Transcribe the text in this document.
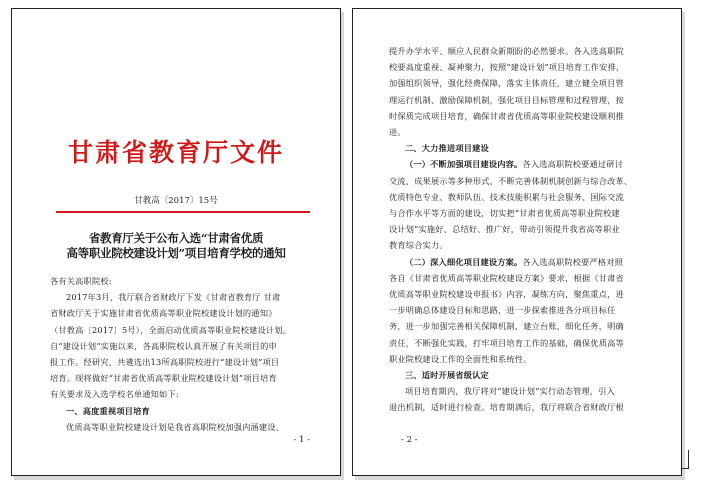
甘肃省教育厅文件
甘教高〔2017〕15号
省教育厅关于公布入选“甘肃省优质
高等职业院校建设计划”项目培育学校的通知
各有关高职院校:
2017年3月，我厅联合省财政厅下发《甘肃省教育厅 甘肃
省财政厅关于实施甘肃省优质高等职业院校建设计划的通知》
（甘教高〔2017〕5号），全面启动优质高等职业院校建设计划。
自“建设计划”实施以来，各高职院校认真开展了有关项目的申
报工作。经研究，共遴选出13所高职院校进行“建设计划”项目
培育。现将做好“甘肃省优质高等职业院校建设计划”项目培育
有关要求及入选学校名单通知如下:
一、高度重视项目培育
优质高等职业院校建设计划是我省高职院校加强内涵建设、
- 1 -
提升办学水平、顺应人民群众新期盼的必然要求。各入选高职院
校要高度重视、凝神聚力，按照“建设计划”项目培育工作安排，
加强组织领导，强化经费保障，落实主体责任，建立健全项目管
理运行机制、激励保障机制，强化项目目标管理和过程管理，按
时保质完成项目培育，确保甘肃省优质高等职业院校建设顺利推
进。
二、大力推进项目建设
（一）不断加强项目建设内容。各入选高职院校要通过研讨
交流、成果展示等多种形式，不断完善体制机制创新与综合改革、
优质特色专业、教师队伍、技术技能积累与社会服务、国际交流
与合作水平等方面的建设，切实把“甘肃省优质高等职业院校建
设计划”实施好、总结好、推广好，带动引领提升我省高等职业
教育综合实力。
（二）深入细化项目建设方案。各入选高职院校要严格对照
各自《甘肃省优质高等职业院校建设方案》要求，根据《甘肃省
优质高等职业院校建设申报书》内容，凝练方向，聚焦重点，进
一步明确总体建设目标和思路，进一步探索推进各分项目标任
务，进一步加强完善相关保障机制，建立台账，细化任务，明确
责任，不断强化实践，打牢项目培育工作的基础，确保优质高等
职业院校建设工作的全面性和系统性。
三、适时开展省级认定
项目培育期内，我厅将对“建设计划”实行动态管理，引入
退出机制，适时进行检查。培育期满后，我厅将联合省财政厅根
- 2 -
